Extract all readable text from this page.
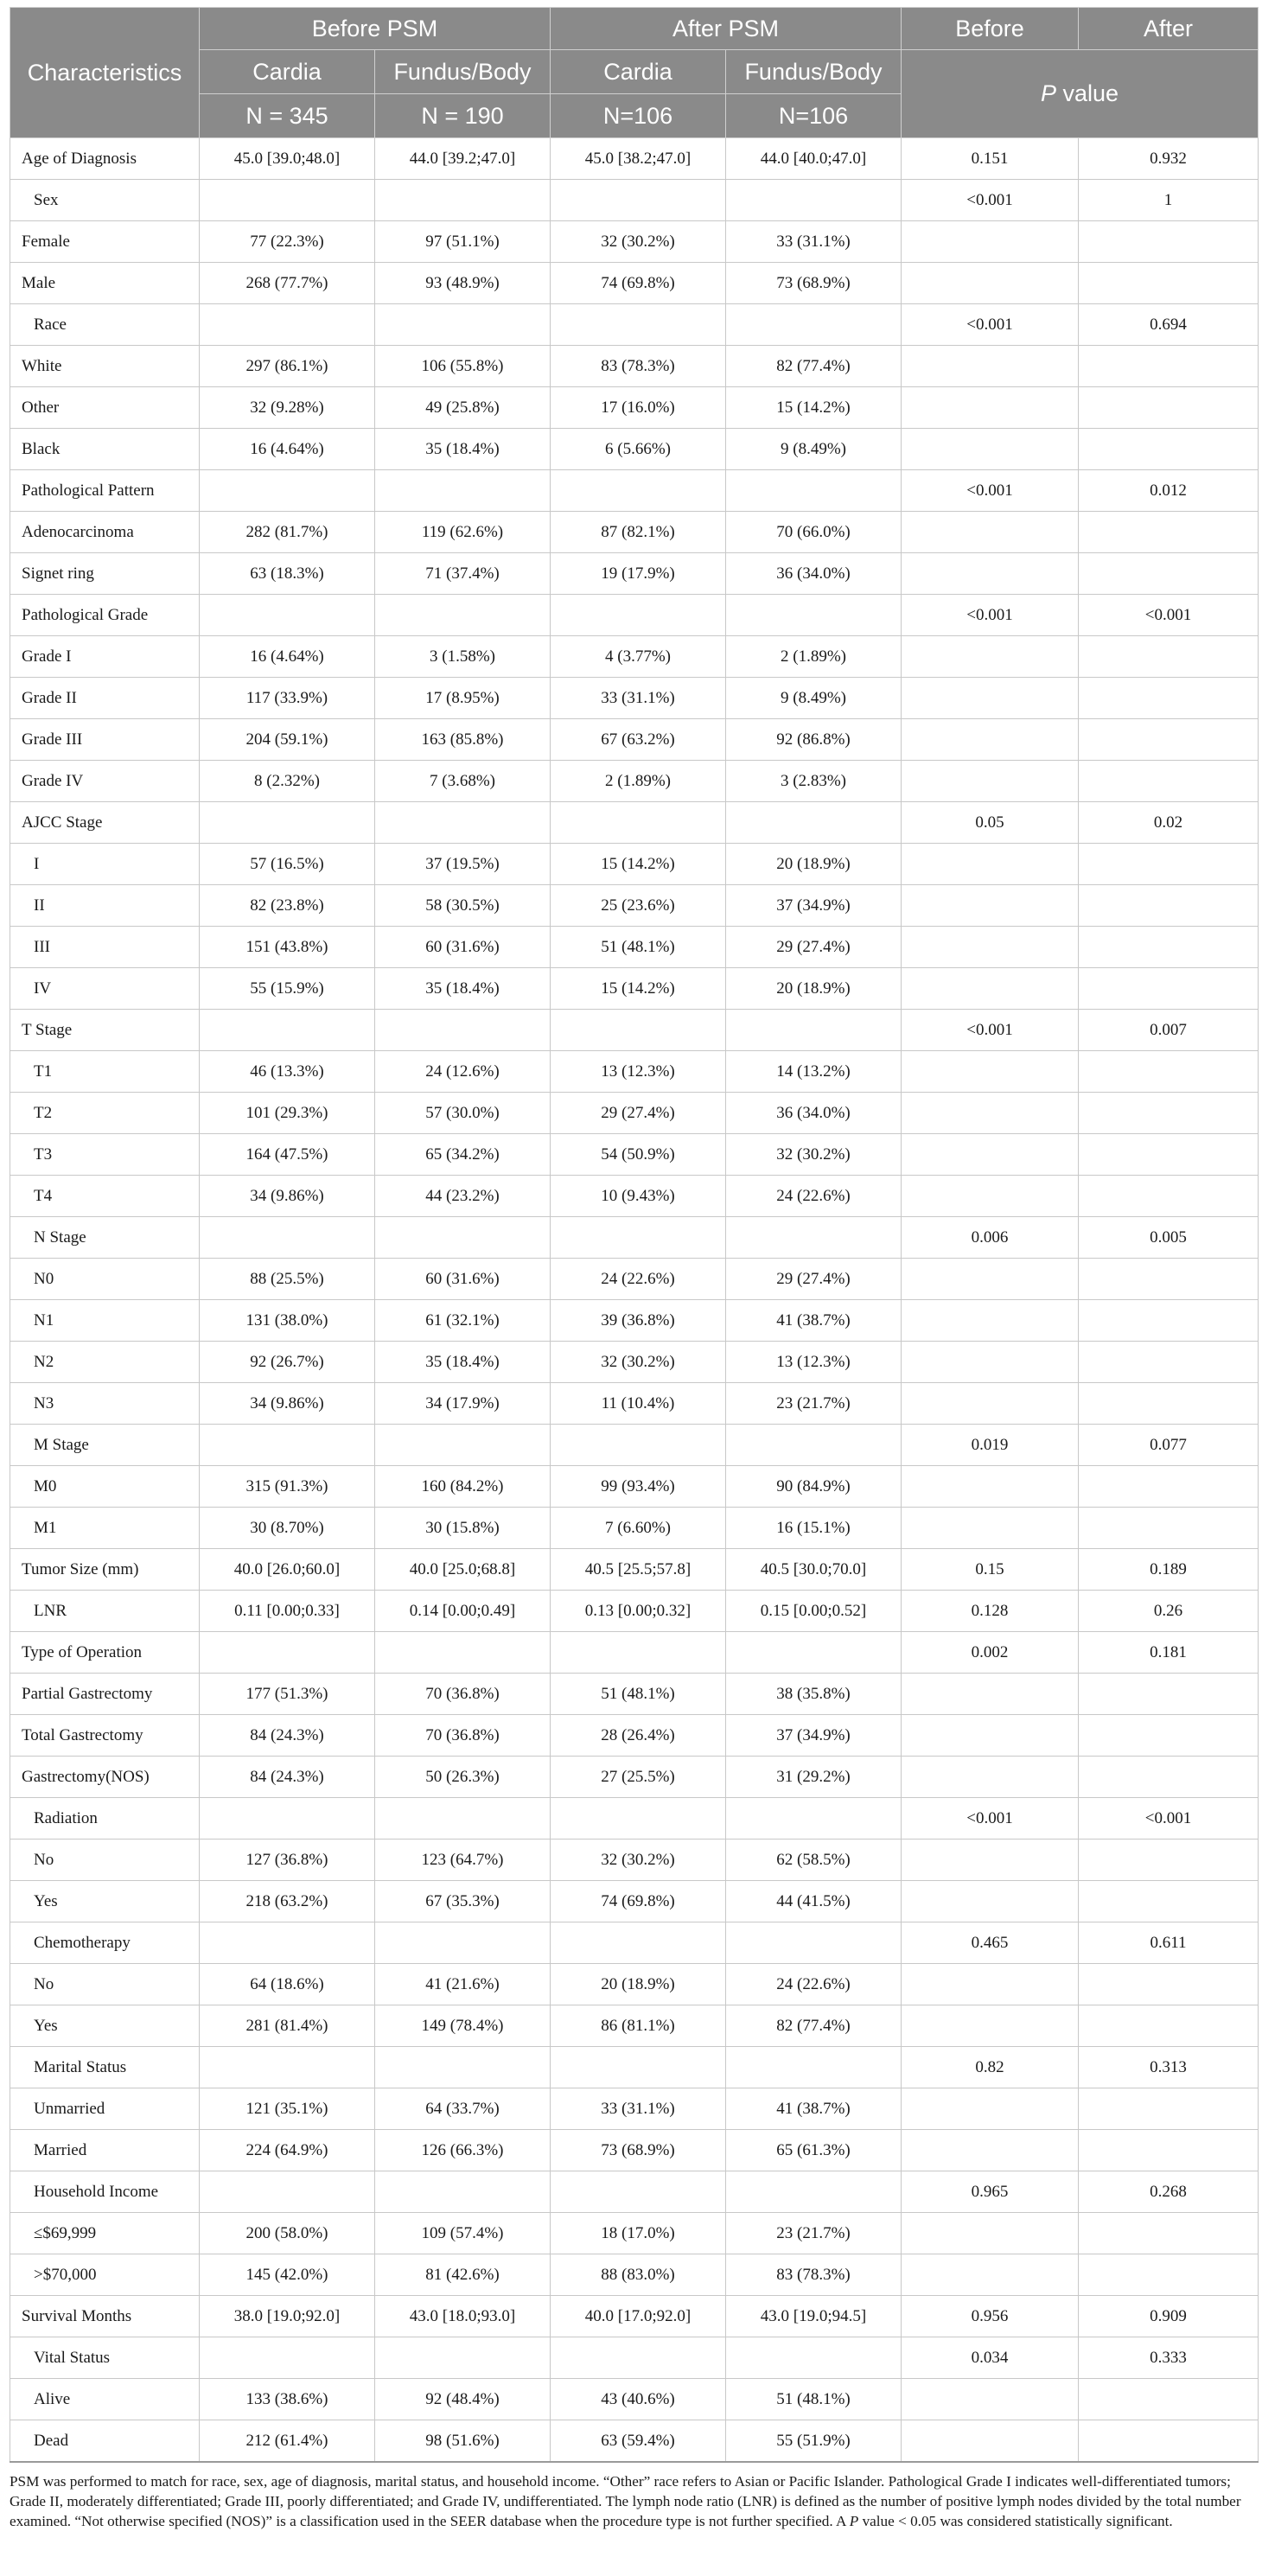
Characteristics	Before PSM		After PSM		Before	After
	Cardia	Fundus/Body	Cardia	Fundus/Body	P value	
	N = 345	N = 190	N=106	N=106		
Age of Diagnosis	45.0 [39.0;48.0]	44.0 [39.2;47.0]	45.0 [38.2;47.0]	44.0 [40.0;47.0]	0.151	0.932
Sex					<0.001	1
Female	77 (22.3%)	97 (51.1%)	32 (30.2%)	33 (31.1%)		
Male	268 (77.7%)	93 (48.9%)	74 (69.8%)	73 (68.9%)		
Race					<0.001	0.694
White	297 (86.1%)	106 (55.8%)	83 (78.3%)	82 (77.4%)		
Other	32 (9.28%)	49 (25.8%)	17 (16.0%)	15 (14.2%)		
Black	16 (4.64%)	35 (18.4%)	6 (5.66%)	9 (8.49%)		
Pathological Pattern					<0.001	0.012
Adenocarcinoma	282 (81.7%)	119 (62.6%)	87 (82.1%)	70 (66.0%)		
Signet ring	63 (18.3%)	71 (37.4%)	19 (17.9%)	36 (34.0%)		
Pathological Grade					<0.001	<0.001
Grade I	16 (4.64%)	3 (1.58%)	4 (3.77%)	2 (1.89%)		
Grade II	117 (33.9%)	17 (8.95%)	33 (31.1%)	9 (8.49%)		
Grade III	204 (59.1%)	163 (85.8%)	67 (63.2%)	92 (86.8%)		
Grade IV	8 (2.32%)	7 (3.68%)	2 (1.89%)	3 (2.83%)		
AJCC Stage					0.05	0.02
I	57 (16.5%)	37 (19.5%)	15 (14.2%)	20 (18.9%)		
II	82 (23.8%)	58 (30.5%)	25 (23.6%)	37 (34.9%)		
III	151 (43.8%)	60 (31.6%)	51 (48.1%)	29 (27.4%)		
IV	55 (15.9%)	35 (18.4%)	15 (14.2%)	20 (18.9%)		
T Stage					<0.001	0.007
T1	46 (13.3%)	24 (12.6%)	13 (12.3%)	14 (13.2%)		
T2	101 (29.3%)	57 (30.0%)	29 (27.4%)	36 (34.0%)		
T3	164 (47.5%)	65 (34.2%)	54 (50.9%)	32 (30.2%)		
T4	34 (9.86%)	44 (23.2%)	10 (9.43%)	24 (22.6%)		
N Stage					0.006	0.005
N0	88 (25.5%)	60 (31.6%)	24 (22.6%)	29 (27.4%)		
N1	131 (38.0%)	61 (32.1%)	39 (36.8%)	41 (38.7%)		
N2	92 (26.7%)	35 (18.4%)	32 (30.2%)	13 (12.3%)		
N3	34 (9.86%)	34 (17.9%)	11 (10.4%)	23 (21.7%)		
M Stage					0.019	0.077
M0	315 (91.3%)	160 (84.2%)	99 (93.4%)	90 (84.9%)		
M1	30 (8.70%)	30 (15.8%)	7 (6.60%)	16 (15.1%)		
Tumor Size (mm)	40.0 [26.0;60.0]	40.0 [25.0;68.8]	40.5 [25.5;57.8]	40.5 [30.0;70.0]	0.15	0.189
LNR	0.11 [0.00;0.33]	0.14 [0.00;0.49]	0.13 [0.00;0.32]	0.15 [0.00;0.52]	0.128	0.26
Type of Operation					0.002	0.181
Partial Gastrectomy	177 (51.3%)	70 (36.8%)	51 (48.1%)	38 (35.8%)		
Total Gastrectomy	84 (24.3%)	70 (36.8%)	28 (26.4%)	37 (34.9%)		
Gastrectomy(NOS)	84 (24.3%)	50 (26.3%)	27 (25.5%)	31 (29.2%)		
Radiation					<0.001	<0.001
No	127 (36.8%)	123 (64.7%)	32 (30.2%)	62 (58.5%)		
Yes	218 (63.2%)	67 (35.3%)	74 (69.8%)	44 (41.5%)		
Chemotherapy					0.465	0.611
No	64 (18.6%)	41 (21.6%)	20 (18.9%)	24 (22.6%)		
Yes	281 (81.4%)	149 (78.4%)	86 (81.1%)	82 (77.4%)		
Marital Status					0.82	0.313
Unmarried	121 (35.1%)	64 (33.7%)	33 (31.1%)	41 (38.7%)		
Married	224 (64.9%)	126 (66.3%)	73 (68.9%)	65 (61.3%)		
Household Income					0.965	0.268
≤$69,999	200 (58.0%)	109 (57.4%)	18 (17.0%)	23 (21.7%)		
>$70,000	145 (42.0%)	81 (42.6%)	88 (83.0%)	83 (78.3%)		
Survival Months	38.0 [19.0;92.0]	43.0 [18.0;93.0]	40.0 [17.0;92.0]	43.0 [19.0;94.5]	0.956	0.909
Vital Status					0.034	0.333
Alive	133 (38.6%)	92 (48.4%)	43 (40.6%)	51 (48.1%)		
Dead	212 (61.4%)	98 (51.6%)	63 (59.4%)	55 (51.9%)		
PSM was performed to match for race, sex, age of diagnosis, marital status, and household income. “Other” race refers to Asian or Pacific Islander. Pathological Grade I indicates well-differentiated tumors; Grade II, moderately differentiated; Grade III, poorly differentiated; and Grade IV, undifferentiated. The lymph node ratio (LNR) is defined as the number of positive lymph nodes divided by the total number examined. “Not otherwise specified (NOS)” is a classification used in the SEER database when the procedure type is not further specified. A P value < 0.05 was considered statistically significant.
